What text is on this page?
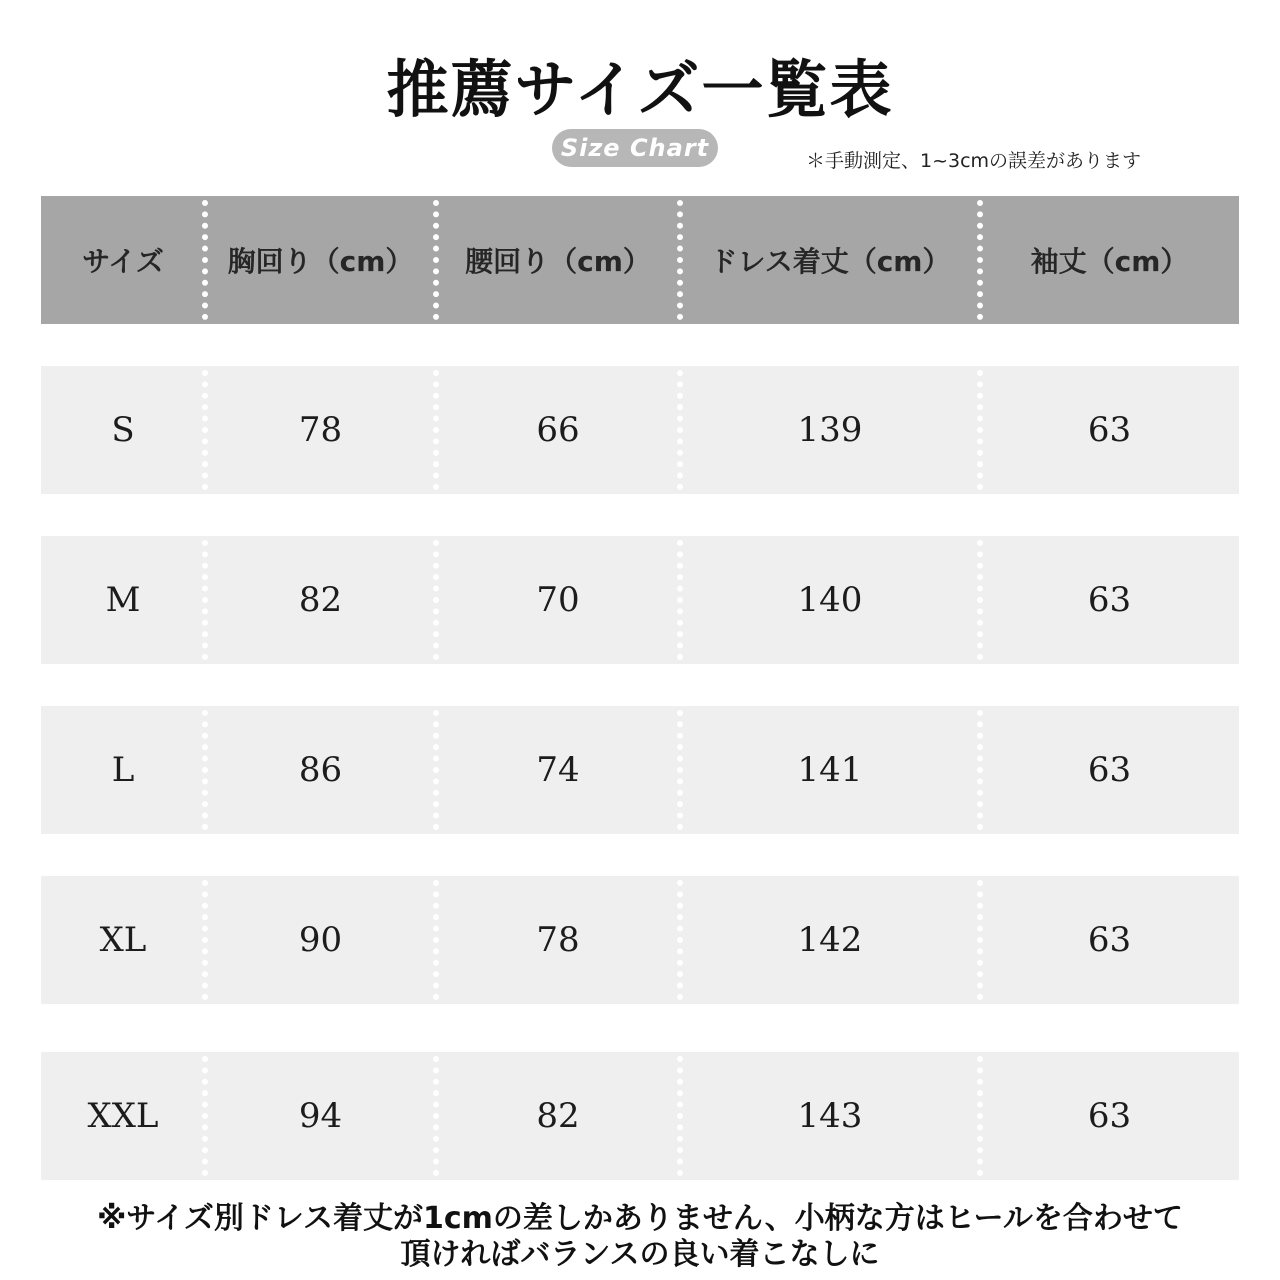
推薦サイズ一覧表
Size Chart	＊手動測定、1~3cmの誤差があります
サイズ	胸回り（cm）	腰回り（cm）	ドレス着丈（cm）	袖丈（cm）
S	78	66	139	63
M	82	70	140	63
L	86	74	141	63
XL	90	78	142	63
XXL	94	82	143	63
※サイズ別ドレス着丈が1cmの差しかありません、小柄な方はヒールを合わせて
頂ければバランスの良い着こなしに
